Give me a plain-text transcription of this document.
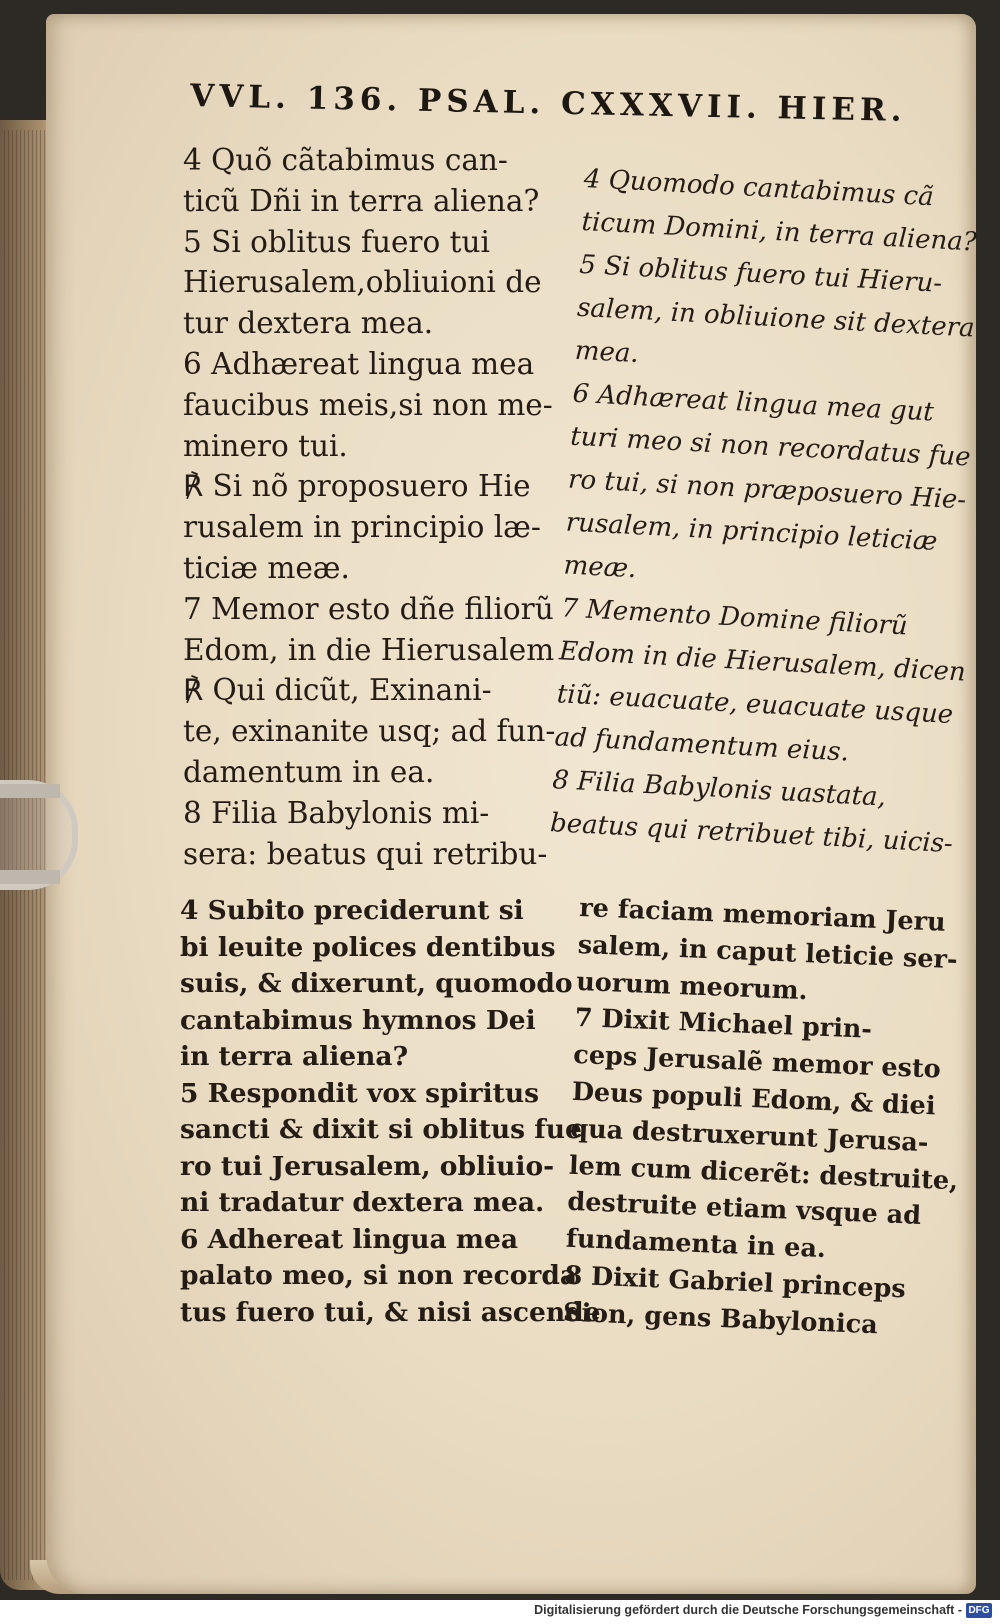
VVL. 136. PSAL. CXXXVII. HIER.
4 Quõ cãtabimus can-
ticũ Dñi in terra aliena?
5 Si oblitus fuero tui
Hierusalem,obliuioni de
tur dextera mea.
6 Adhæreat lingua mea
faucibus meis,si non me-
minero tui.
℟ Si nõ proposuero Hie
rusalem in principio læ-
ticiæ meæ.
7 Memor esto dñe filiorũ
Edom, in die Hierusalem
℟ Qui dicũt, Exinani-
te, exinanite usq; ad fun-
damentum in ea.
8 Filia Babylonis mi-
sera: beatus qui retribu-
4 Quomodo cantabimus cã
ticum Domini, in terra aliena?
5 Si oblitus fuero tui Hieru-
salem, in obliuione sit dextera
mea.
6 Adhæreat lingua mea gut
turi meo si non recordatus fue
ro tui, si non præposuero Hie-
rusalem, in principio leticiæ
meæ.
7 Memento Domine filiorũ
Edom in die Hierusalem, dicen
tiũ: euacuate, euacuate usque
ad fundamentum eius.
8 Filia Babylonis uastata,
beatus qui retribuet tibi, uicis-
4 Subito preciderunt si
bi leuite polices dentibus
suis, & dixerunt, quomodo
cantabimus hymnos Dei
in terra aliena?
5 Respondit vox spiritus
sancti & dixit si oblitus fue
ro tui Jerusalem, obliuio-
ni tradatur dextera mea.
6 Adhereat lingua mea
palato meo, si non recorda
tus fuero tui, & nisi ascende
re faciam memoriam Jeru
salem, in caput leticie ser-
uorum meorum.
7 Dixit Michael prin-
ceps Jerusalẽ memor esto
Deus populi Edom, & diei
qua destruxerunt Jerusa-
lem cum dicerẽt: destruite,
destruite etiam vsque ad
fundamenta in ea.
8 Dixit Gabriel princeps
Sion, gens Babylonica
Digitalisierung gefördert durch die Deutsche Forschungsgemeinschaft - DFG
